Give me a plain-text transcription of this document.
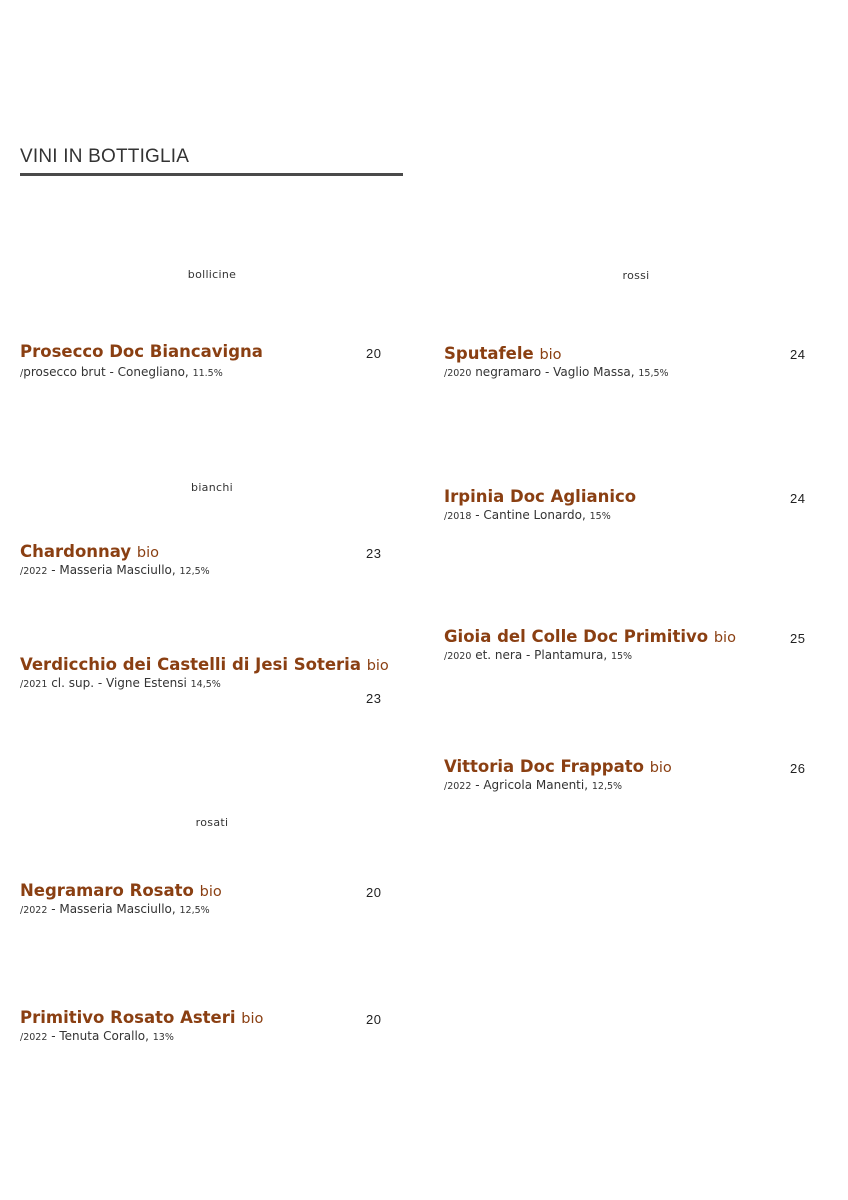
VINI IN BOTTIGLIA
bollicine
bianchi
rosati
rossi
Prosecco Doc Biancavigna
/prosecco brut - Conegliano, 11.5%
20
Chardonnay bio
/2022 - Masseria Masciullo, 12,5%
23
Verdicchio dei Castelli di Jesi Soteria bio
/2021 cl. sup. - Vigne Estensi 14,5%
23
Negramaro Rosato bio
/2022 - Masseria Masciullo, 12,5%
20
Primitivo Rosato Asteri bio
/2022 - Tenuta Corallo, 13%
20
Sputafele bio
/2020 negramaro - Vaglio Massa, 15,5%
24
Irpinia Doc Aglianico
/2018 - Cantine Lonardo, 15%
24
Gioia del Colle Doc Primitivo bio
/2020 et. nera - Plantamura, 15%
25
Vittoria Doc Frappato bio
/2022 - Agricola Manenti, 12,5%
26
